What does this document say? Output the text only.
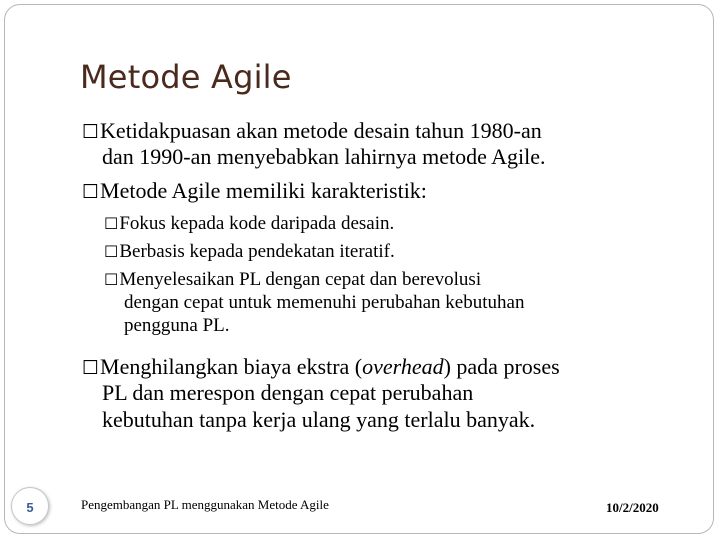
Metode Agile
☐Ketidakpuasan akan metode desain tahun 1980-an
dan 1990-an menyebabkan lahirnya metode Agile.
☐Metode Agile memiliki karakteristik:
☐Fokus kepada kode daripada desain.
☐Berbasis kepada pendekatan iteratif.
☐Menyelesaikan PL dengan cepat dan berevolusi
dengan cepat untuk memenuhi perubahan kebutuhan
pengguna PL.
☐Menghilangkan biaya ekstra (overhead) pada proses
PL dan merespon dengan cepat perubahan
kebutuhan tanpa kerja ulang yang terlalu banyak.
5	Pengembangan PL menggunakan Metode Agile	10/2/2020
